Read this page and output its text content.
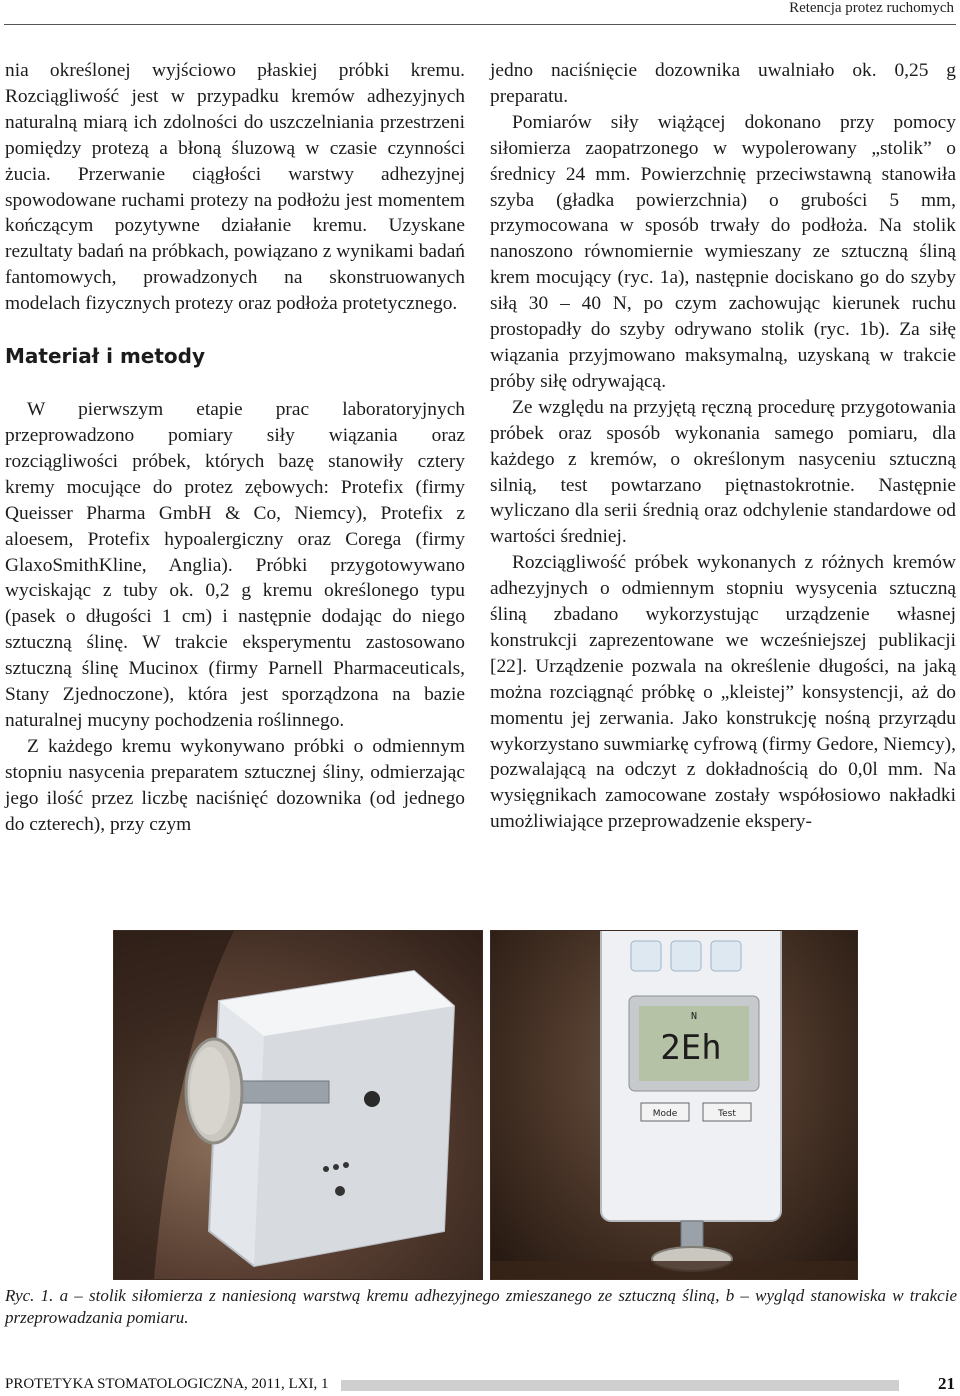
Retencja protez ruchomych

nia określonej wyjściowo płaskiej próbki kremu. Rozciągliwość jest w przypadku kremów adhezyjnych naturalną miarą ich zdolności do uszczelniania przestrzeni pomiędzy protezą a błoną śluzową w czasie czynności żucia. Przerwanie ciągłości warstwy adhezyjnej spowodowane ruchami protezy na podłożu jest momentem kończącym pozytywne działanie kremu. Uzyskane rezultaty badań na próbkach, powiązano z wynikami badań fantomowych, prowadzonych na skonstruowanych modelach fizycznych protezy oraz podłoża protetycznego.

Materiał i metody

W pierwszym etapie prac laboratoryjnych przeprowadzono pomiary siły wiązania oraz rozciągliwości próbek, których bazę stanowiły cztery kremy mocujące do protez zębowych: Protefix (firmy Queisser Pharma GmbH & Co, Niemcy), Protefix z aloesem, Protefix hypoalergiczny oraz Corega (firmy GlaxoSmithKline, Anglia). Próbki przygotowywano wyciskając z tuby ok. 0,2 g kremu określonego typu (pasek o długości 1 cm) i następnie dodając do niego sztuczną ślinę. W trakcie eksperymentu zastosowano sztuczną ślinę Mucinox (firmy Parnell Pharmaceuticals, Stany Zjednoczone), która jest sporządzona na bazie naturalnej mucyny pochodzenia roślinnego.

Z każdego kremu wykonywano próbki o odmiennym stopniu nasycenia preparatem sztucznej śliny, odmierzając jego ilość przez liczbę naciśnięć dozownika (od jednego do czterech), przy czym

jedno naciśnięcie dozownika uwalniało ok. 0,25 g preparatu.

Pomiarów siły wiążącej dokonano przy pomocy siłomierza zaopatrzonego w wypolerowany „stolik” o średnicy 24 mm. Powierzchnię przeciwstawną stanowiła szyba (gładka powierzchnia) o grubości 5 mm, przymocowana w sposób trwały do podłoża. Na stolik nanoszono równomiernie wymieszany ze sztuczną śliną krem mocujący (ryc. 1a), następnie dociskano go do szyby siłą 30 – 40 N, po czym zachowując kierunek ruchu prostopadły do szyby odrywano stolik (ryc. 1b). Za siłę wiązania przyjmowano maksymalną, uzyskaną w trakcie próby siłę odrywającą.

Ze względu na przyjętą ręczną procedurę przygotowania próbek oraz sposób wykonania samego pomiaru, dla każdego z kremów, o określonym nasyceniu sztuczną silnią, test powtarzano piętnastokrotnie. Następnie wyliczano dla serii średnią oraz odchylenie standardowe od wartości średniej.

Rozciągliwość próbek wykonanych z różnych kremów adhezyjnych o odmiennym stopniu wysycenia sztuczną śliną zbadano wykorzystując urządzenie własnej konstrukcji zaprezentowane we wcześniejszej publikacji [22]. Urządzenie pozwala na określenie długości, na jaką można rozciągnąć próbkę o „kleistej” konsystencji, aż do momentu jej zerwania. Jako konstrukcję nośną przyrządu wykorzystano suwmiarkę cyfrową (firmy Gedore, Niemcy), pozwalającą na odczyt z dokładnością do 0,0l mm. Na wysięgnikach zamocowane zostały współosiowo nakładki umożliwiające przeprowadzenie ekspery-

N
2Eh
Mode	Test
Ryc. 1. a – stolik siłomierza z naniesioną warstwą kremu adhezyjnego zmieszanego ze sztuczną śliną, b – wygląd stanowiska w trakcie przeprowadzania pomiaru.
PROTETYKA STOMATOLOGICZNA, 2011, LXI, 1	21
